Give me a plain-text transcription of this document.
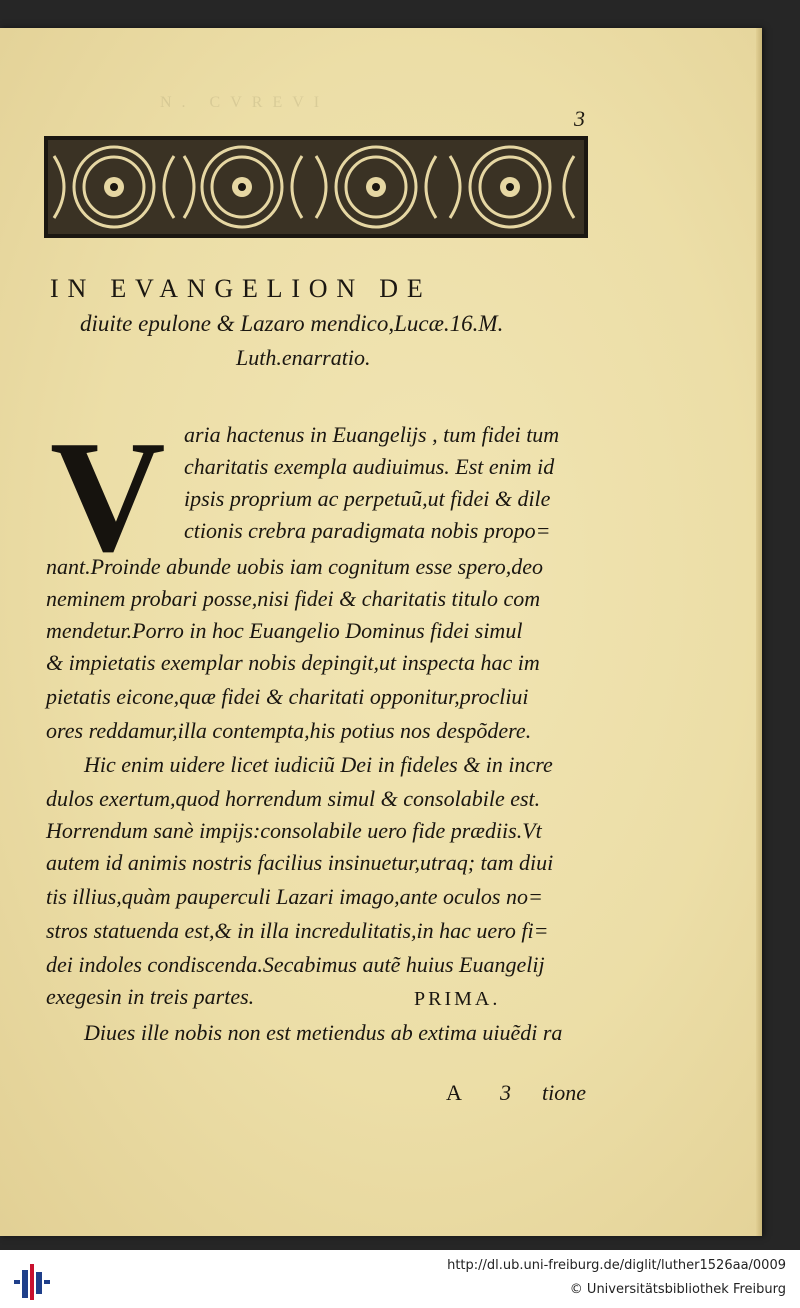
N. CVREVI
3
IN EVANGELION DE
diuite epulone & Lazaro mendico,Lucæ.16.M.
Luth.enarratio.
V aria hactenus in Euangelijs , tum fidei tum
charitatis exempla audiuimus. Est enim id
ipsis proprium ac perpetuũ,ut fidei & dile
ctionis crebra paradigmata nobis propo=
nant.Proinde abunde uobis iam cognitum esse spero,deo
neminem probari posse,nisi fidei & charitatis titulo com
mendetur.Porro in hoc Euangelio Dominus fidei simul
& impietatis exemplar nobis depingit,ut inspecta hac im
pietatis eicone,quæ fidei & charitati opponitur,procliui
ores reddamur,illa contempta,his potius nos despõdere.
Hic enim uidere licet iudiciũ Dei in fideles & in incre
dulos exertum,quod horrendum simul & consolabile est.
Horrendum sanè impijs:consolabile uero fide prædiis.Vt
autem id animis nostris facilius insinuetur,utraq; tam diui
tis illius,quàm pauperculi Lazari imago,ante oculos no=
stros statuenda est,& in illa incredulitatis,in hac uero fi=
dei indoles condiscenda.Secabimus autẽ huius Euangelij
exegesin in treis partes.	PRIMA.
Diues ille nobis non est metiendus ab extima uiuẽdi ra
A 3 tione
http://dl.ub.uni-freiburg.de/diglit/luther1526aa/0009
© Universitätsbibliothek Freiburg
